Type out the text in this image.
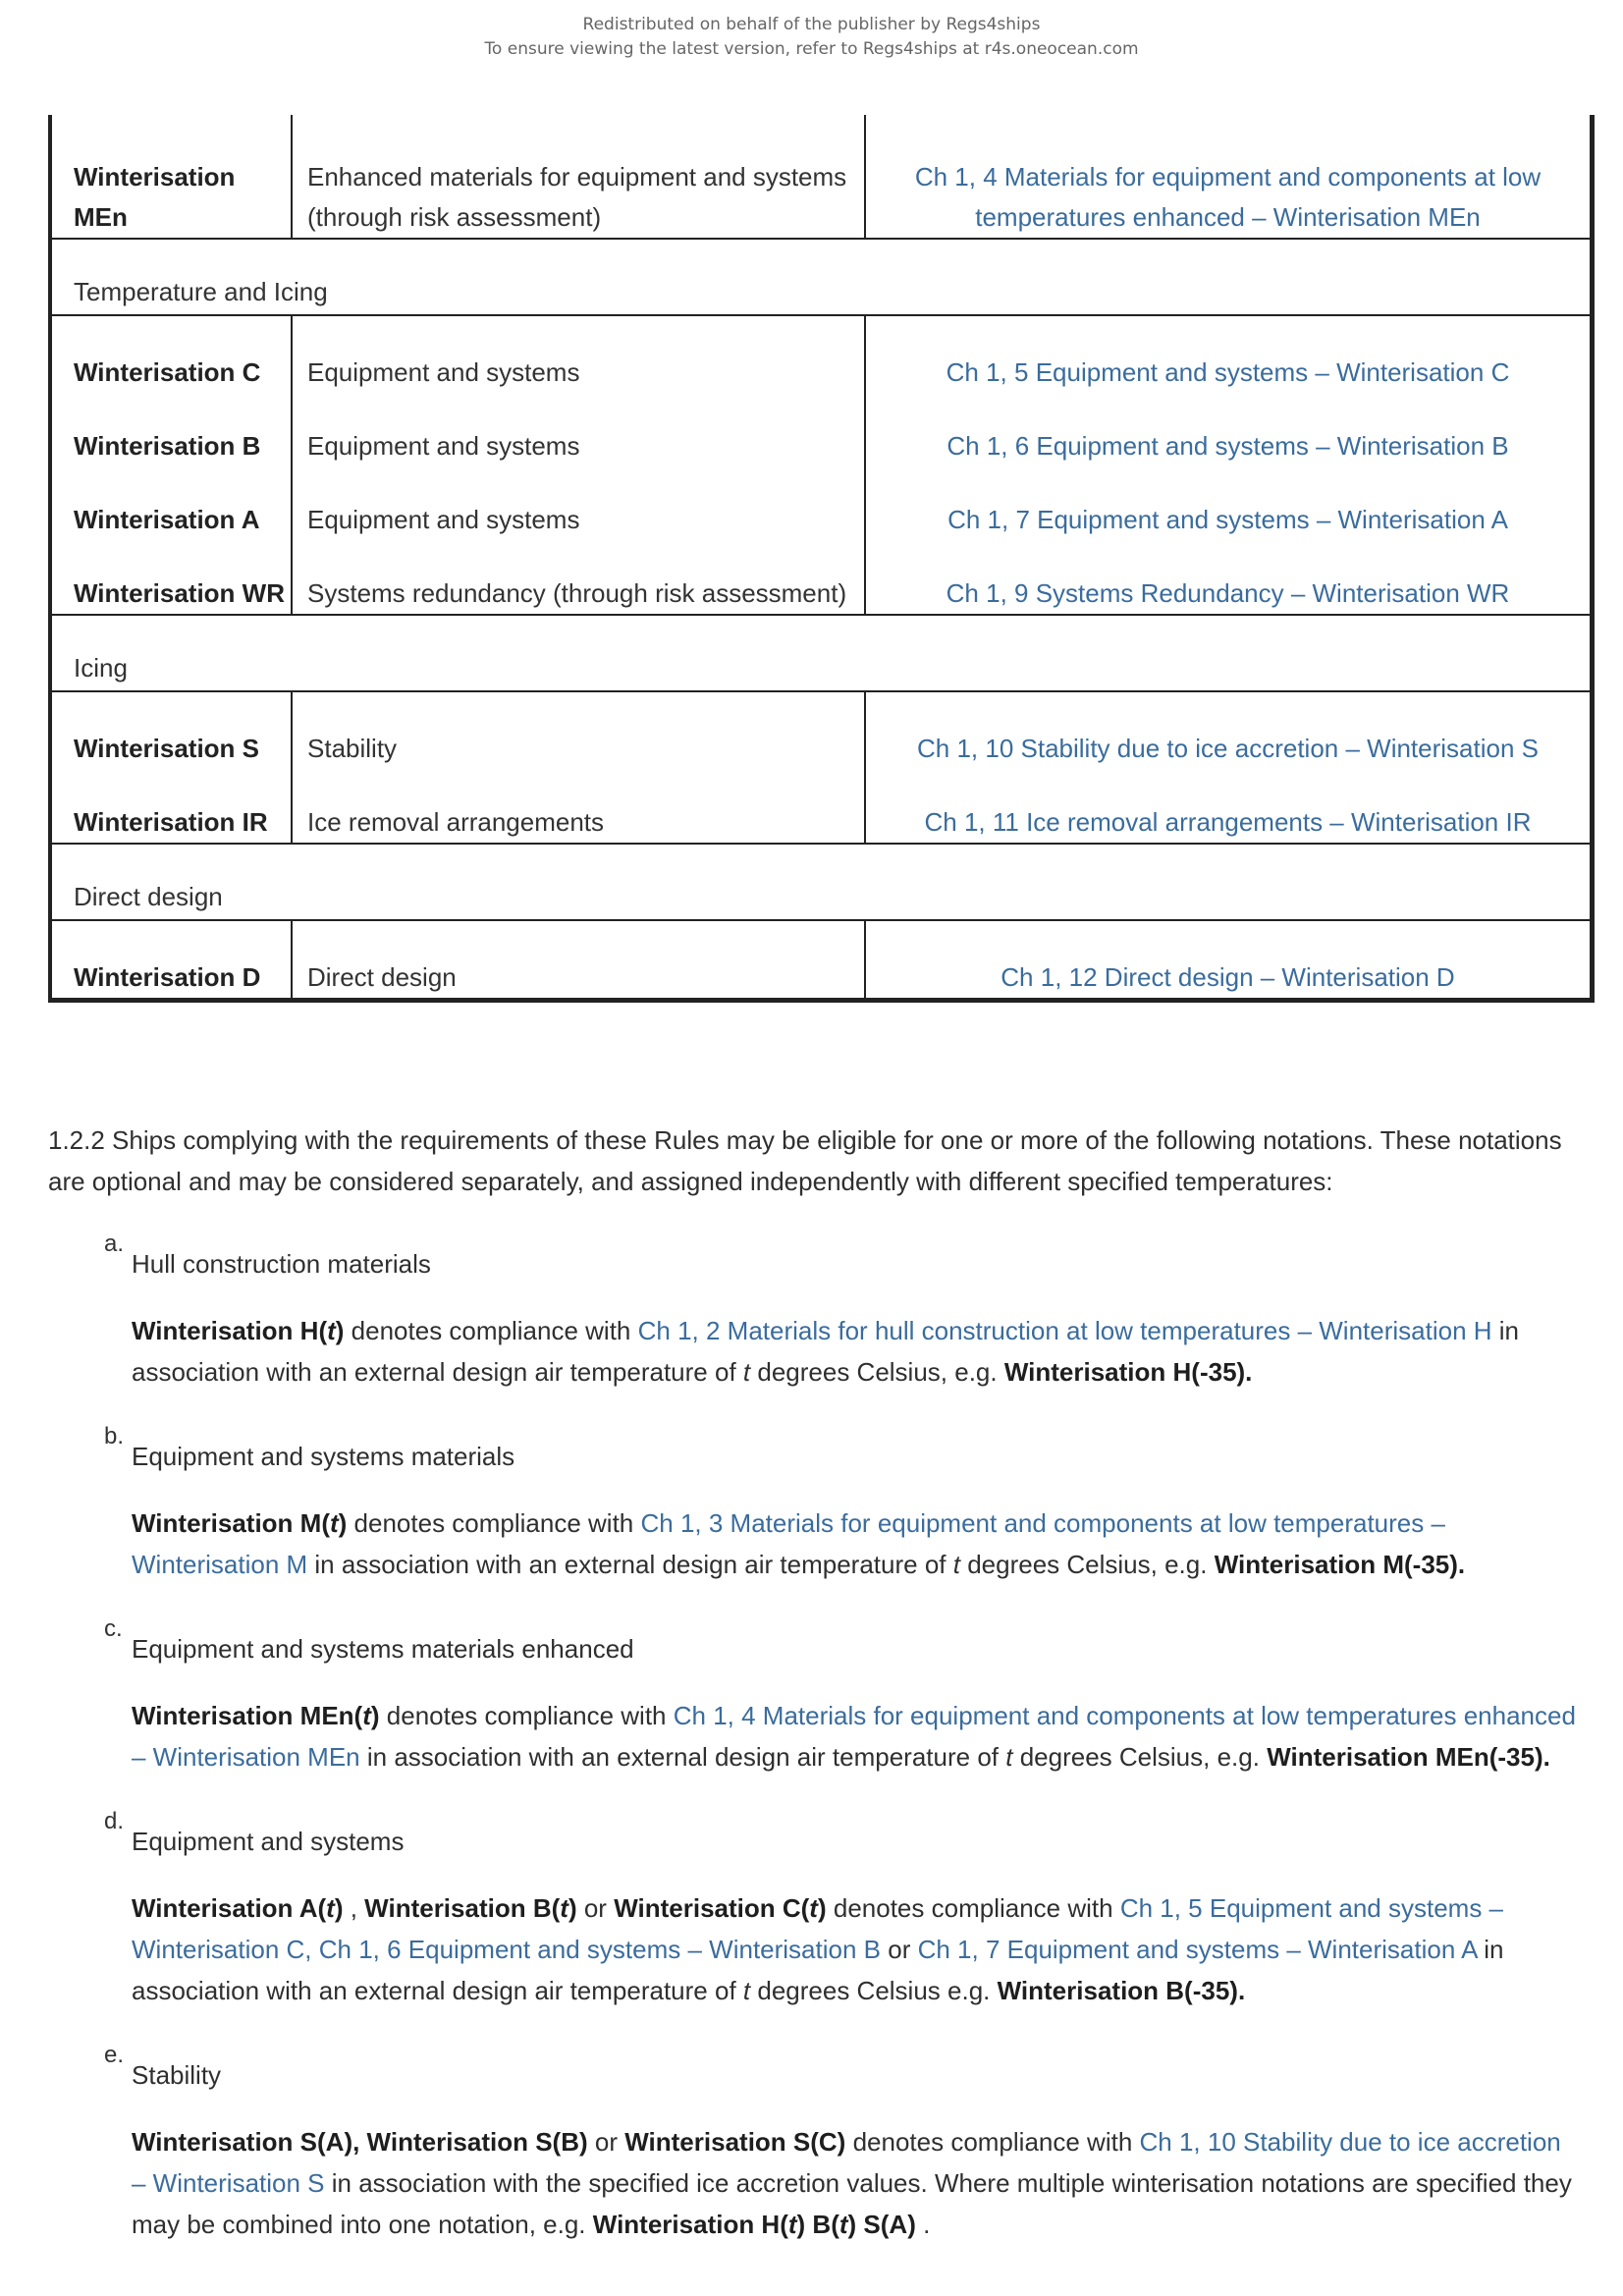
Redistributed on behalf of the publisher by Regs4ships
To ensure viewing the latest version, refer to Regs4ships at r4s.oneocean.com
Winterisation MEn	Enhanced materials for equipment and systems (through risk assessment)	Ch 1, 4 Materials for equipment and components at low temperatures enhanced – Winterisation MEn
Temperature and Icing		
Winterisation C	Equipment and systems	Ch 1, 5 Equipment and systems – Winterisation C
Winterisation B	Equipment and systems	Ch 1, 6 Equipment and systems – Winterisation B
Winterisation A	Equipment and systems	Ch 1, 7 Equipment and systems – Winterisation A
Winterisation WR	Systems redundancy (through risk assessment)	Ch 1, 9 Systems Redundancy – Winterisation WR
Icing		
Winterisation S	Stability	Ch 1, 10 Stability due to ice accretion – Winterisation S
Winterisation IR	Ice removal arrangements	Ch 1, 11 Ice removal arrangements – Winterisation IR
Direct design		
Winterisation D	Direct design	Ch 1, 12 Direct design – Winterisation D

1.2.2 Ships complying with the requirements of these Rules may be eligible for one or more of the following notations. These notations are optional and may be considered separately, and assigned independently with different specified temperatures:

a.

Hull construction materials

Winterisation H(t) denotes compliance with Ch 1, 2 Materials for hull construction at low temperatures – Winterisation H in association with an external design air temperature of t degrees Celsius, e.g. Winterisation H(-35).

b.

Equipment and systems materials

Winterisation M(t) denotes compliance with Ch 1, 3 Materials for equipment and components at low temperatures – Winterisation M in association with an external design air temperature of t degrees Celsius, e.g. Winterisation M(-35).

c.

Equipment and systems materials enhanced

Winterisation MEn(t) denotes compliance with Ch 1, 4 Materials for equipment and components at low temperatures enhanced – Winterisation MEn in association with an external design air temperature of t degrees Celsius, e.g. Winterisation MEn(-35).

d.

Equipment and systems

Winterisation A(t) , Winterisation B(t) or Winterisation C(t) denotes compliance with Ch 1, 5 Equipment and systems – Winterisation C, Ch 1, 6 Equipment and systems – Winterisation B or Ch 1, 7 Equipment and systems – Winterisation A in association with an external design air temperature of t degrees Celsius e.g. Winterisation B(-35).

e.

Stability

Winterisation S(A), Winterisation S(B) or Winterisation S(C) denotes compliance with Ch 1, 10 Stability due to ice accretion – Winterisation S in association with the specified ice accretion values. Where multiple winterisation notations are specified they may be combined into one notation, e.g. Winterisation H(t) B(t) S(A) .
